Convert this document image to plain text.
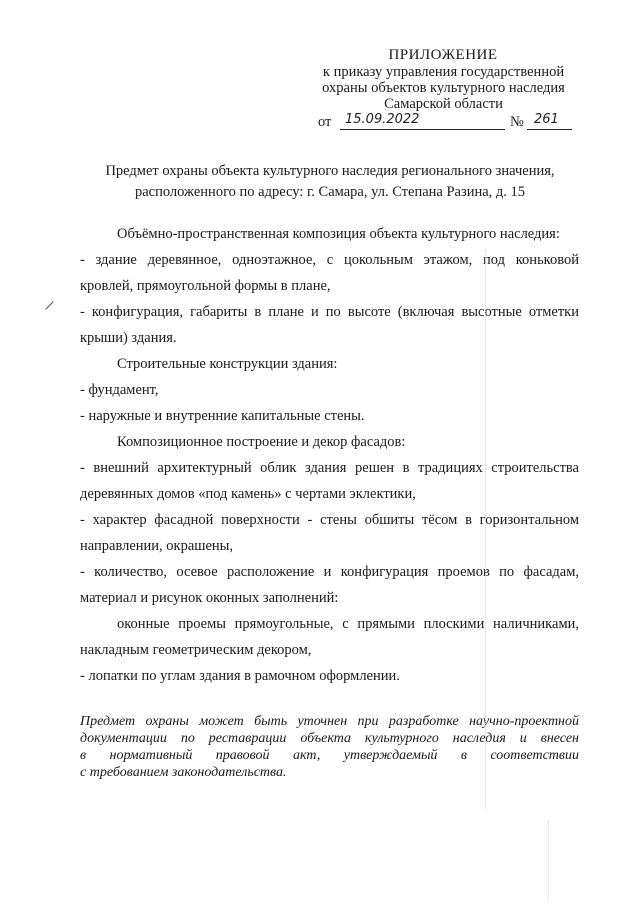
ПРИЛОЖЕНИЕ
к приказу управления государственной
охраны объектов культурного наследия
Самарской области
от 15.09.2022	№ 261
Предмет охраны объекта культурного наследия регионального значения,
расположенного по адресу: г. Самара, ул. Степана Разина, д. 15
Объёмно-пространственная композиция объекта культурного наследия:
- здание деревянное, одноэтажное, с цокольным этажом, под коньковой
кровлей, прямоугольной формы в плане,
- конфигурация, габариты в плане и по высоте (включая высотные отметки
крыши) здания.
Строительные конструкции здания:
- фундамент,
- наружные и внутренние капитальные стены.
Композиционное построение и декор фасадов:
- внешний архитектурный облик здания решен в традициях строительства
деревянных домов «под камень» с чертами эклектики,
- характер фасадной поверхности - стены обшиты тёсом в горизонтальном
направлении, окрашены,
- количество, осевое расположение и конфигурация проемов по фасадам,
материал и рисунок оконных заполнений:
оконные проемы прямоугольные, с прямыми плоскими наличниками,
накладным геометрическим декором,
- лопатки по углам здания в рамочном оформлении.
Предмет охраны может быть уточнен при разработке научно-проектной
документации по реставрации объекта культурного наследия и внесен
в нормативный правовой акт, утверждаемый в соответствии
с требованием законодательства.
